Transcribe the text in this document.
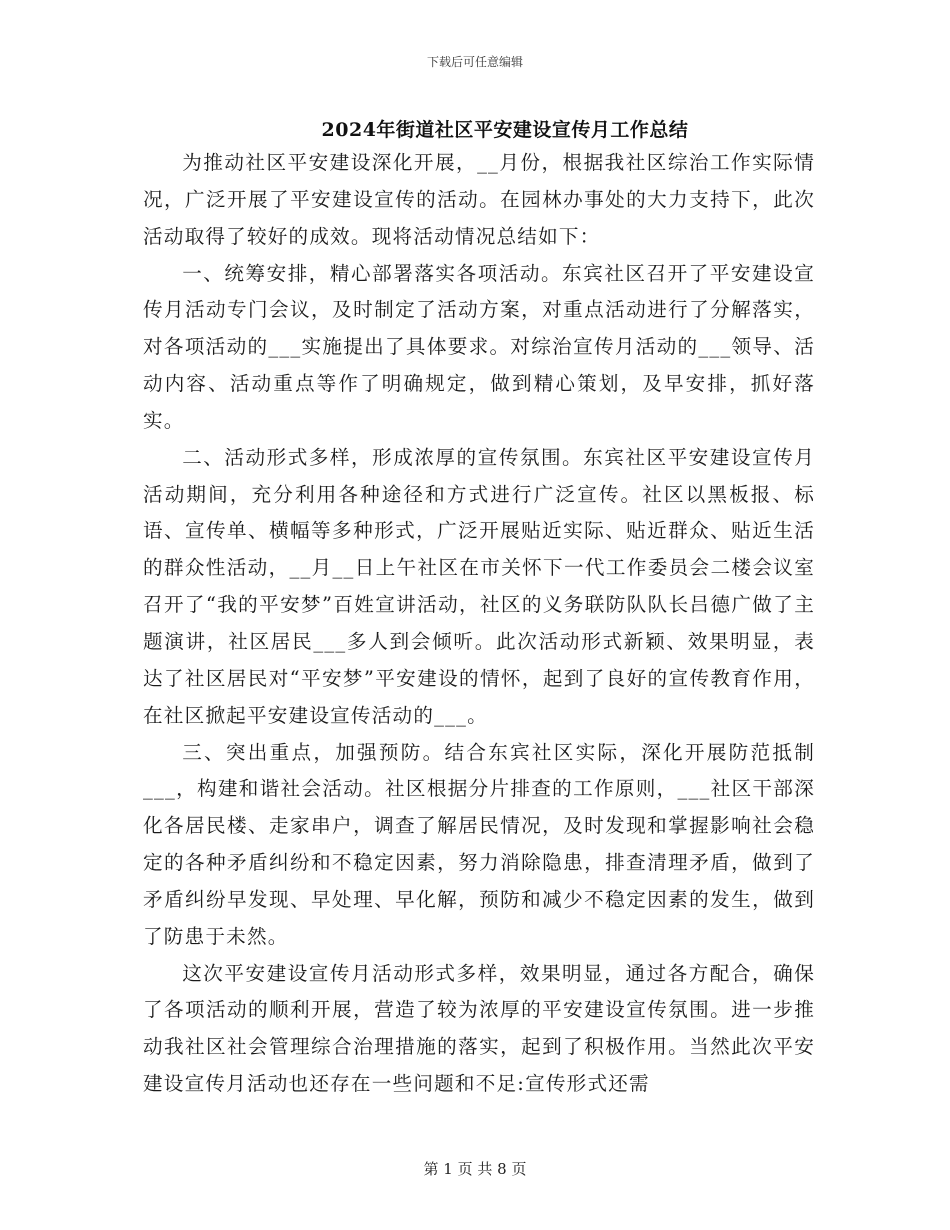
下载后可任意编辑
2024年街道社区平安建设宣传月工作总结

为推动社区平安建设深化开展，__月份，根据我社区综治工作实际情况，广泛开展了平安建设宣传的活动。在园林办事处的大力支持下，此次活动取得了较好的成效。现将活动情况总结如下：

一、统筹安排，精心部署落实各项活动。东宾社区召开了平安建设宣传月活动专门会议，及时制定了活动方案，对重点活动进行了分解落实，对各项活动的___实施提出了具体要求。对综治宣传月活动的___领导、活动内容、活动重点等作了明确规定，做到精心策划，及早安排，抓好落实。

二、活动形式多样，形成浓厚的宣传氛围。东宾社区平安建设宣传月活动期间，充分利用各种途径和方式进行广泛宣传。社区以黑板报、标语、宣传单、横幅等多种形式，广泛开展贴近实际、贴近群众、贴近生活的群众性活动，__月__日上午社区在市关怀下一代工作委员会二楼会议室召开了“我的平安梦”百姓宣讲活动，社区的义务联防队队长吕德广做了主题演讲，社区居民___多人到会倾听。此次活动形式新颖、效果明显，表达了社区居民对“平安梦”平安建设的情怀，起到了良好的宣传教育作用，在社区掀起平安建设宣传活动的___。

三、突出重点，加强预防。结合东宾社区实际，深化开展防范抵制___，构建和谐社会活动。社区根据分片排查的工作原则，___社区干部深化各居民楼、走家串户，调查了解居民情况，及时发现和掌握影响社会稳定的各种矛盾纠纷和不稳定因素，努力消除隐患，排查清理矛盾，做到了矛盾纠纷早发现、早处理、早化解，预防和减少不稳定因素的发生，做到了防患于未然。

这次平安建设宣传月活动形式多样，效果明显，通过各方配合，确保了各项活动的顺利开展，营造了较为浓厚的平安建设宣传氛围。进一步推动我社区社会管理综合治理措施的落实，起到了积极作用。当然此次平安建设宣传月活动也还存在一些问题和不足:宣传形式还需

第 1 页 共 8 页
